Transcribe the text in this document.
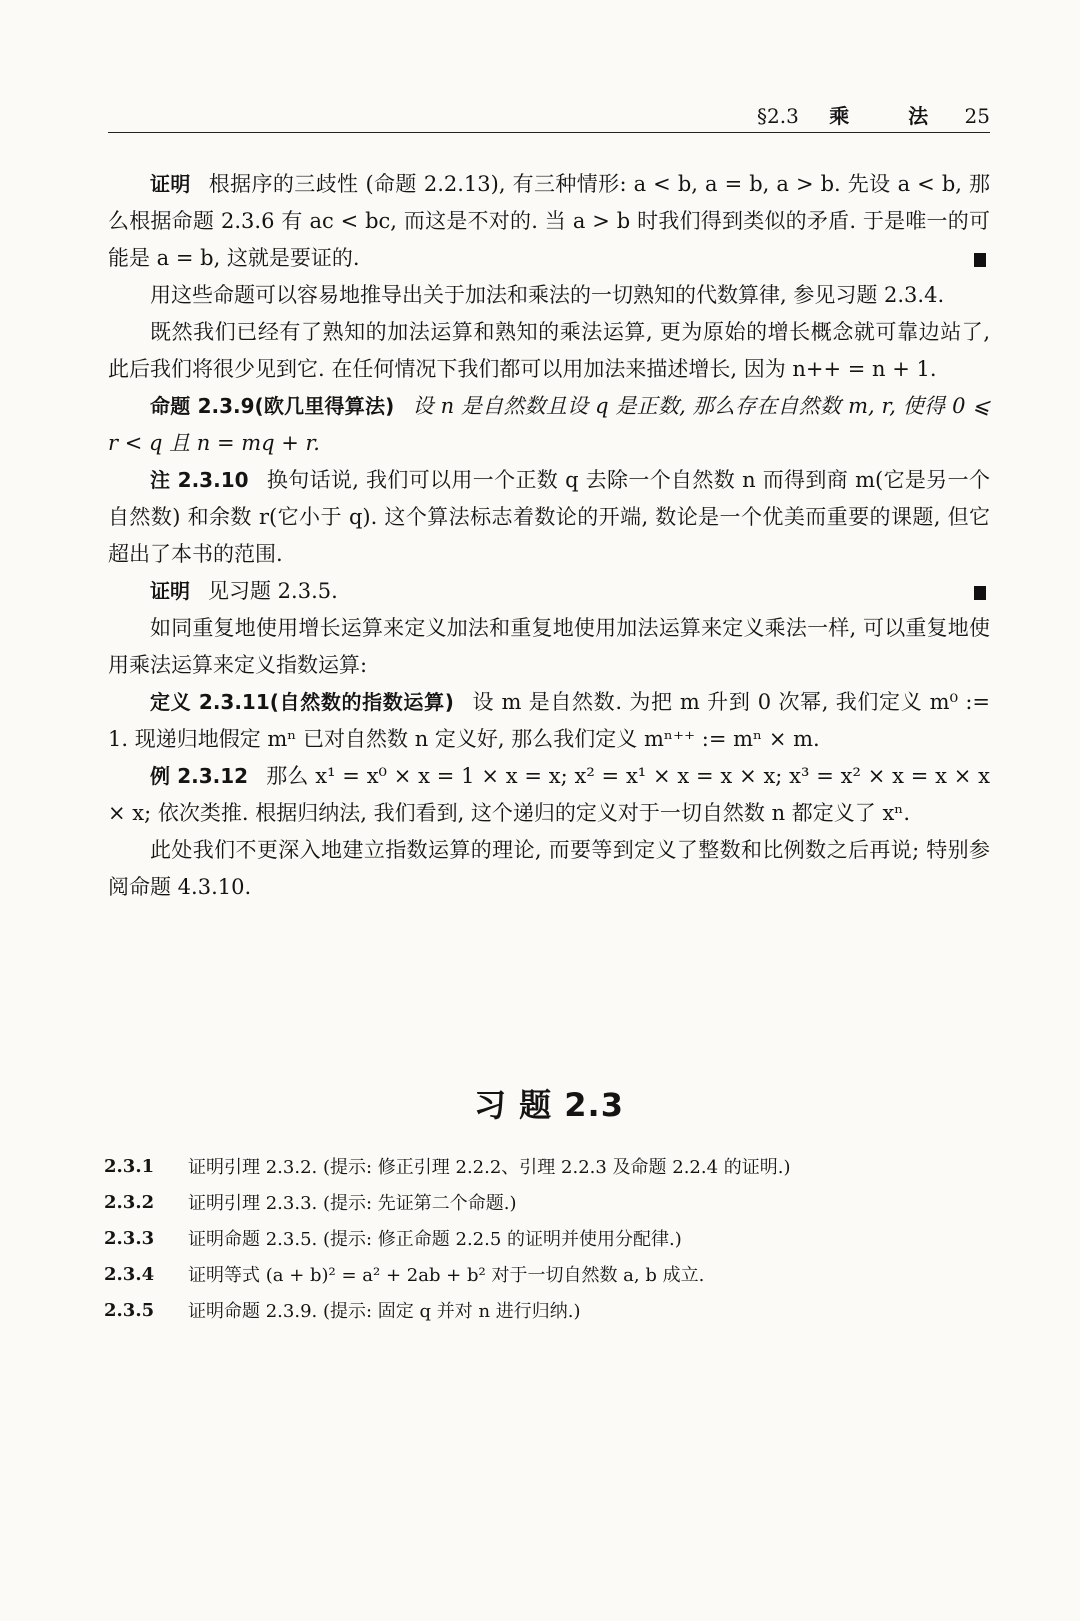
§2.3 乘 法 25

证明 根据序的三歧性 (命题 2.2.13), 有三种情形: a < b, a = b, a > b. 先设 a < b, 那么根据命题 2.3.6 有 ac < bc, 而这是不对的. 当 a > b 时我们得到类似的矛盾. 于是唯一的可能是 a = b, 这就是要证的.

用这些命题可以容易地推导出关于加法和乘法的一切熟知的代数算律, 参见习题 2.3.4.

既然我们已经有了熟知的加法运算和熟知的乘法运算, 更为原始的增长概念就可靠边站了, 此后我们将很少见到它. 在任何情况下我们都可以用加法来描述增长, 因为 n++ = n + 1.

命题 2.3.9(欧几里得算法) 设 n 是自然数且设 q 是正数, 那么存在自然数 m, r, 使得 0 ⩽ r < q 且 n = mq + r.

注 2.3.10 换句话说, 我们可以用一个正数 q 去除一个自然数 n 而得到商 m(它是另一个自然数) 和余数 r(它小于 q). 这个算法标志着数论的开端, 数论是一个优美而重要的课题, 但它超出了本书的范围.

证明 见习题 2.3.5.

如同重复地使用增长运算来定义加法和重复地使用加法运算来定义乘法一样, 可以重复地使用乘法运算来定义指数运算:

定义 2.3.11(自然数的指数运算) 设 m 是自然数. 为把 m 升到 0 次幂, 我们定义 m⁰ := 1. 现递归地假定 mⁿ 已对自然数 n 定义好, 那么我们定义 mⁿ⁺⁺ := mⁿ × m.

例 2.3.12 那么 x¹ = x⁰ × x = 1 × x = x; x² = x¹ × x = x × x; x³ = x² × x = x × x × x; 依次类推. 根据归纳法, 我们看到, 这个递归的定义对于一切自然数 n 都定义了 xⁿ.

此处我们不更深入地建立指数运算的理论, 而要等到定义了整数和比例数之后再说; 特别参阅命题 4.3.10.

习 题 2.3
2.3.1	证明引理 2.3.2. (提示: 修正引理 2.2.2、引理 2.2.3 及命题 2.2.4 的证明.)
2.3.2	证明引理 2.3.3. (提示: 先证第二个命题.)
2.3.3	证明命题 2.3.5. (提示: 修正命题 2.2.5 的证明并使用分配律.)
2.3.4	证明等式 (a + b)² = a² + 2ab + b² 对于一切自然数 a, b 成立.
2.3.5	证明命题 2.3.9. (提示: 固定 q 并对 n 进行归纳.)
